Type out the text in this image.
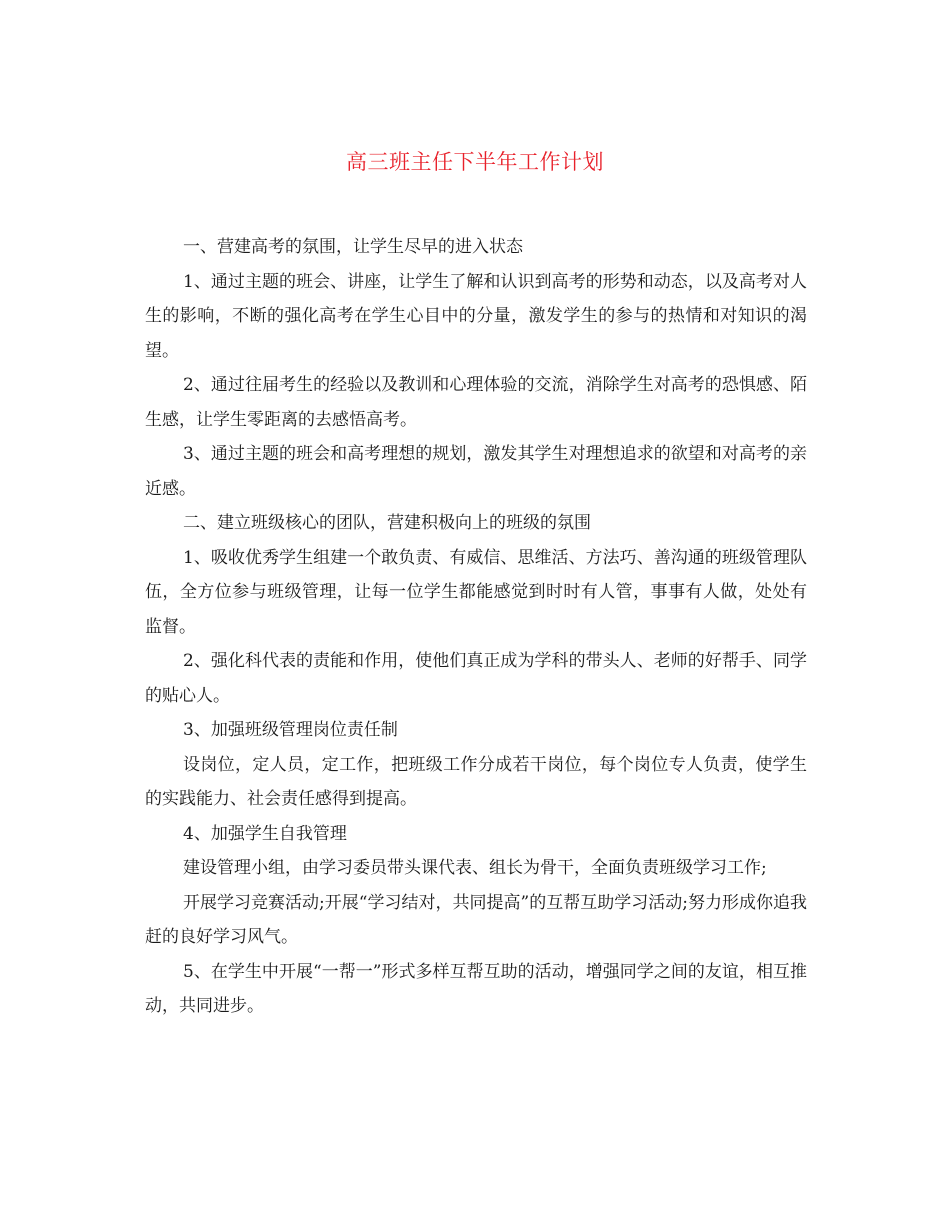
高三班主任下半年工作计划

一、营建高考的氛围，让学生尽早的进入状态

1、通过主题的班会、讲座，让学生了解和认识到高考的形势和动态，以及高考对人生的影响，不断的强化高考在学生心目中的分量，激发学生的参与的热情和对知识的渴望。

2、通过往届考生的经验以及教训和心理体验的交流，消除学生对高考的恐惧感、陌生感，让学生零距离的去感悟高考。

3、通过主题的班会和高考理想的规划，激发其学生对理想追求的欲望和对高考的亲近感。

二、建立班级核心的团队，营建积极向上的班级的氛围

1、吸收优秀学生组建一个敢负责、有威信、思维活、方法巧、善沟通的班级管理队伍，全方位参与班级管理，让每一位学生都能感觉到时时有人管，事事有人做，处处有监督。

2、强化科代表的责能和作用，使他们真正成为学科的带头人、老师的好帮手、同学的贴心人。

3、加强班级管理岗位责任制

设岗位，定人员，定工作，把班级工作分成若干岗位，每个岗位专人负责，使学生的实践能力、社会责任感得到提高。

4、加强学生自我管理

建设管理小组，由学习委员带头课代表、组长为骨干，全面负责班级学习工作;

开展学习竞赛活动;开展“学习结对，共同提高”的互帮互助学习活动;努力形成你追我赶的良好学习风气。

5、在学生中开展“一帮一”形式多样互帮互助的活动，增强同学之间的友谊，相互推动，共同进步。
